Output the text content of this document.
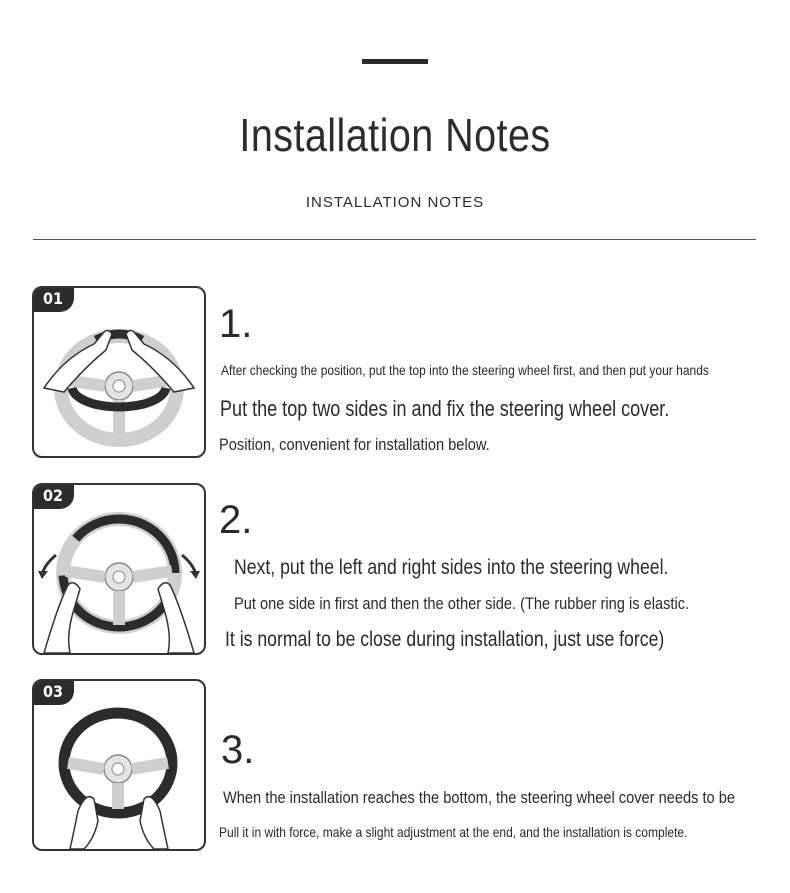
Installation Notes
INSTALLATION NOTES
01
1.
After checking the position, put the top into the steering wheel first, and then put your hands
Put the top two sides in and fix the steering wheel cover.
Position, convenient for installation below.
02
2.
Next, put the left and right sides into the steering wheel.
Put one side in first and then the other side. (The rubber ring is elastic.
It is normal to be close during installation, just use force)
03
3.
When the installation reaches the bottom, the steering wheel cover needs to be
Pull it in with force, make a slight adjustment at the end, and the installation is complete.
